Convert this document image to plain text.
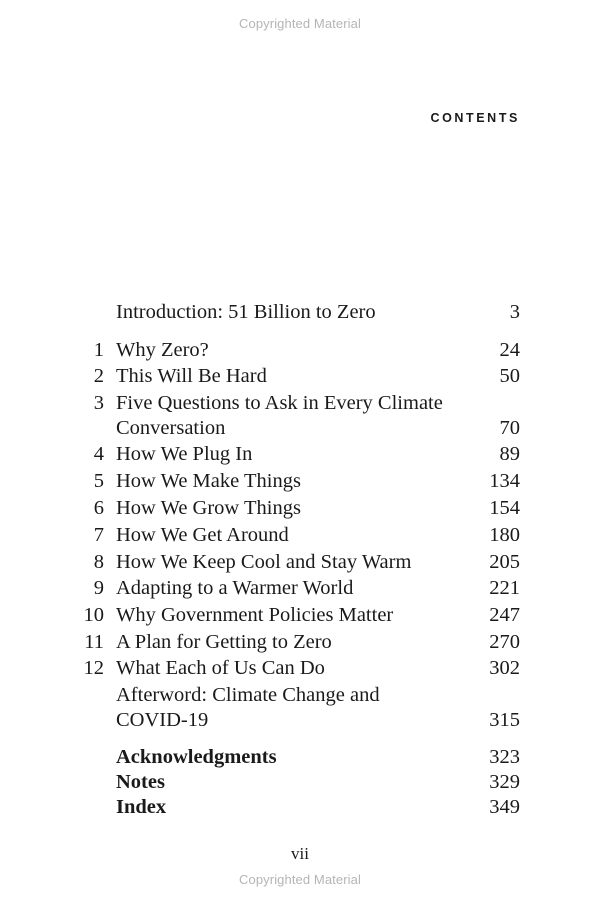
Copyrighted Material
CONTENTS
Introduction: 51 Billion to Zero	3
1 Why Zero?	24
2 This Will Be Hard	50
3 Five Questions to Ask in Every Climate
Conversation	70
4 How We Plug In	89
5 How We Make Things	134
6 How We Grow Things	154
7 How We Get Around	180
8 How We Keep Cool and Stay Warm	205
9 Adapting to a Warmer World	221
10 Why Government Policies Matter	247
11 A Plan for Getting to Zero	270
12 What Each of Us Can Do	302
Afterword: Climate Change and
COVID-19	315
Acknowledgments	323
Notes	329
Index	349
vii
Copyrighted Material
